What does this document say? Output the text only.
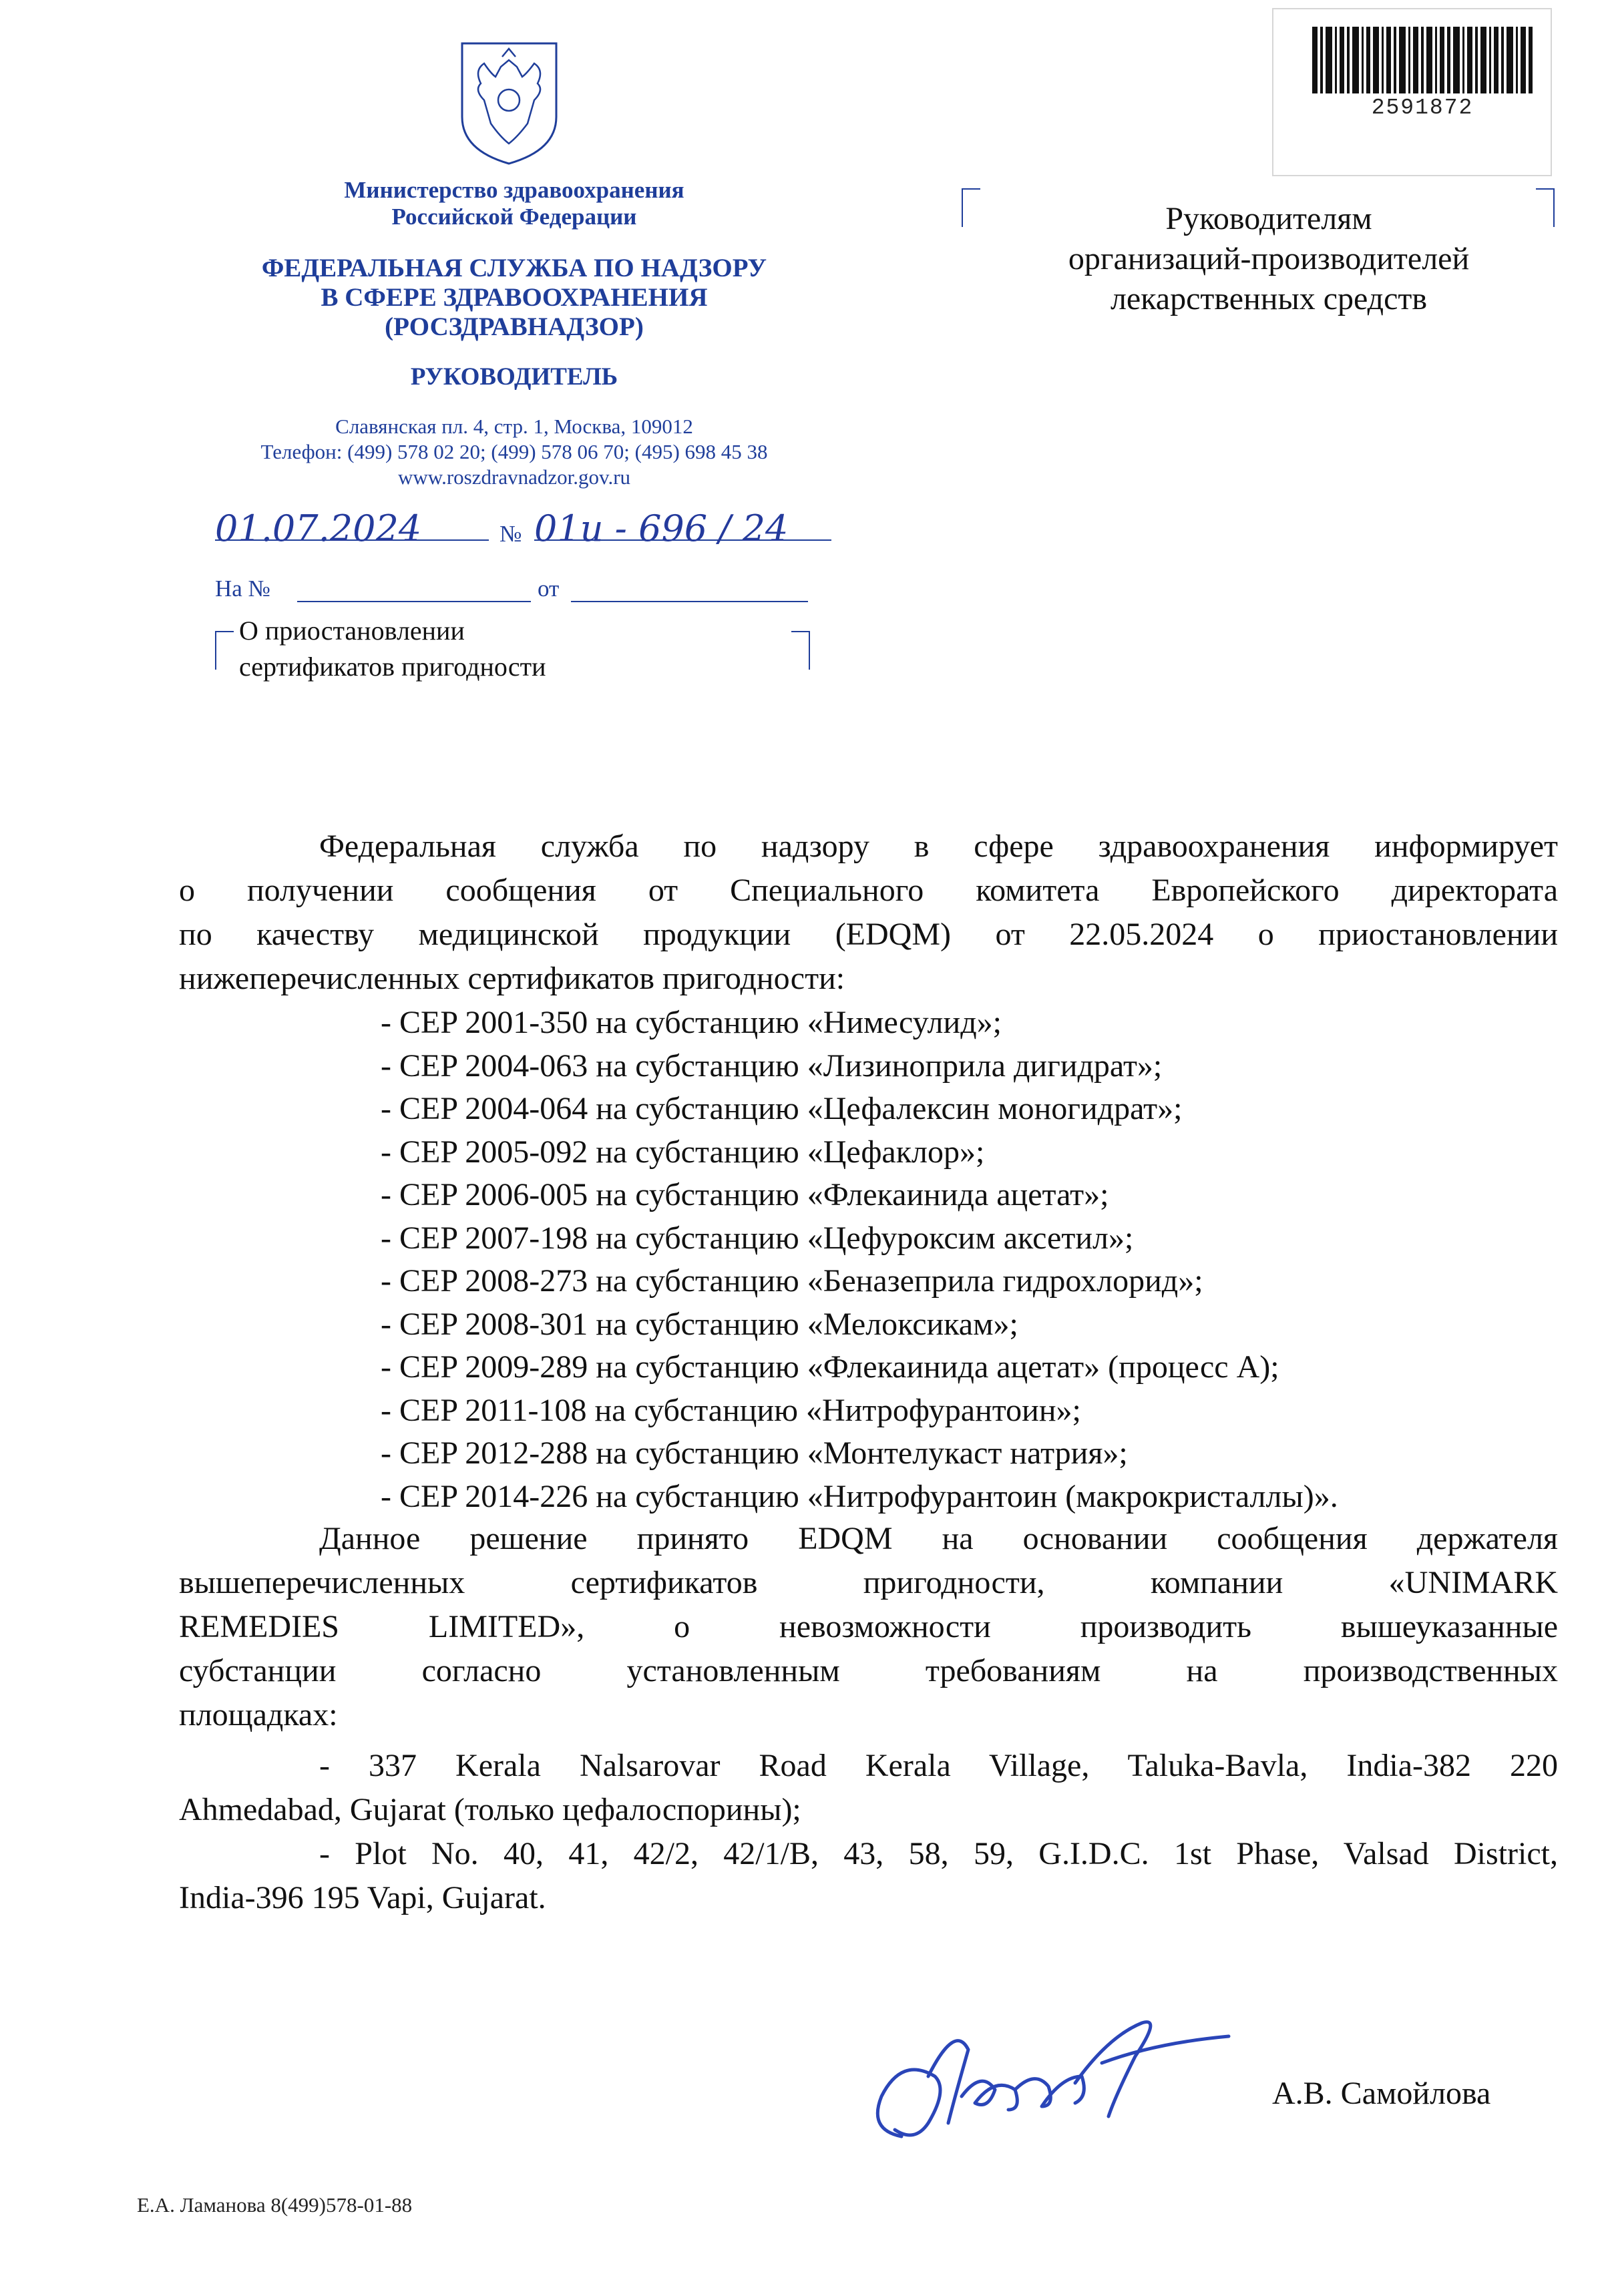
Министерство здравоохранения
Российской Федерации
ФЕДЕРАЛЬНАЯ СЛУЖБА ПО НАДЗОРУ
В СФЕРЕ ЗДРАВООХРАНЕНИЯ
(РОСЗДРАВНАДЗОР)
РУКОВОДИТЕЛЬ
Славянская пл. 4, стр. 1, Москва, 109012
Телефон: (499) 578 02 20; (499) 578 06 70; (495) 698 45 38
www.roszdravnadzor.gov.ru
01.07.2024	№ 01и - 696 / 24
На №	от
О приостановлении
сертификатов пригодности
2591872
Руководителям
организаций-производителей
лекарственных средств
Федеральная служба по надзору в сфере здравоохранения информирует
о получении сообщения от Специального комитета Европейского директората
по качеству медицинской продукции (EDQM) от 22.05.2024 о приостановлении
нижеперечисленных сертификатов пригодности:
- CEP 2001-350 на субстанцию «Нимесулид»;
- CEP 2004-063 на субстанцию «Лизиноприла дигидрат»;
- CEP 2004-064 на субстанцию «Цефалексин моногидрат»;
- CEP 2005-092 на субстанцию «Цефаклор»;
- CEP 2006-005 на субстанцию «Флекаинида ацетат»;
- CEP 2007-198 на субстанцию «Цефуроксим аксетил»;
- CEP 2008-273 на субстанцию «Беназеприла гидрохлорид»;
- CEP 2008-301 на субстанцию «Мелоксикам»;
- CEP 2009-289 на субстанцию «Флекаинида ацетат» (процесс A);
- CEP 2011-108 на субстанцию «Нитрофурантоин»;
- CEP 2012-288 на субстанцию «Монтелукаст натрия»;
- CEP 2014-226 на субстанцию «Нитрофурантоин (макрокристаллы)».
Данное решение принято EDQM на основании сообщения держателя
вышеперечисленных сертификатов пригодности, компании «UNIMARK
REMEDIES LIMITED», о невозможности производить вышеуказанные
субстанции согласно установленным требованиям на производственных
площадках:
- 337 Kerala Nalsarovar Road Kerala Village, Taluka-Bavla, India-382 220
Ahmedabad, Gujarat (только цефалоспорины);
- Plot No. 40, 41, 42/2, 42/1/B, 43, 58, 59, G.I.D.C. 1st Phase, Valsad District,
India-396 195 Vapi, Gujarat.
А.В. Самойлова
Е.А. Ламанова 8(499)578-01-88
